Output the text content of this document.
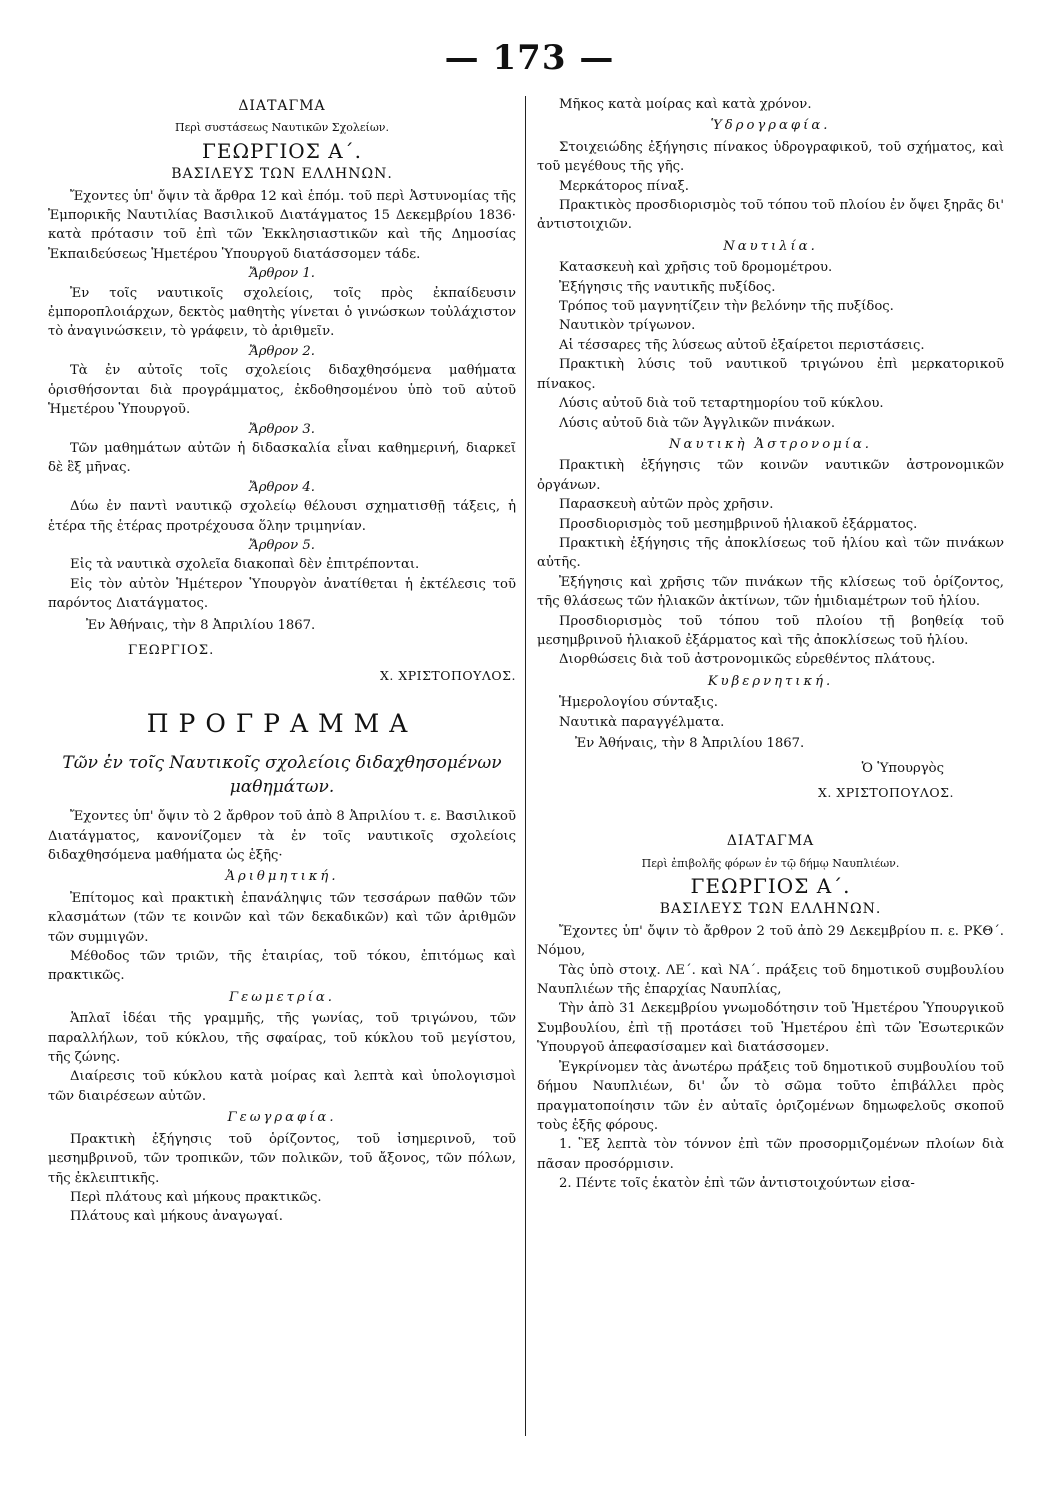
— 173 —
ΔΙΑΤΑΓΜΑ
Περὶ συστάσεως Ναυτικῶν Σχολείων.
ΓΕΩΡΓΙΟΣ Α΄.
ΒΑΣΙΛΕΥΣ ΤΩΝ ΕΛΛΗΝΩΝ.

Ἔχοντες ὑπ' ὄψιν τὰ ἄρθρα 12 καὶ ἑπόμ. τοῦ περὶ Ἀστυνομίας τῆς Ἐμπορικῆς Ναυτιλίας Βασιλικοῦ Διατάγματος 15 Δεκεμβρίου 1836· κατὰ πρότασιν τοῦ ἐπὶ τῶν Ἐκκλησιαστικῶν καὶ τῆς Δημοσίας Ἐκπαιδεύσεως Ἡμετέρου Ὑπουργοῦ διατάσσομεν τάδε.

Ἄρθρον 1.

Ἐν τοῖς ναυτικοῖς σχολείοις, τοῖς πρὸς ἐκπαίδευσιν ἐμποροπλοιάρχων, δεκτὸς μαθητὴς γίνεται ὁ γινώσκων τοὐλάχιστον τὸ ἀναγινώσκειν, τὸ γράφειν, τὸ ἀριθμεῖν.

Ἄρθρον 2.

Τὰ ἐν αὐτοῖς τοῖς σχολείοις διδαχθησόμενα μαθήματα ὁρισθήσονται διὰ προγράμματος, ἐκδοθησομένου ὑπὸ τοῦ αὐτοῦ Ἡμετέρου Ὑπουργοῦ.

Ἄρθρον 3.

Τῶν μαθημάτων αὐτῶν ἡ διδασκαλία εἶναι καθημερινή, διαρκεῖ δὲ ἓξ μῆνας.

Ἄρθρον 4.

Δύω ἐν παντὶ ναυτικῷ σχολείῳ θέλουσι σχηματισθῇ τάξεις, ἡ ἑτέρα τῆς ἑτέρας προτρέχουσα ὅλην τριμηνίαν.

Ἄρθρον 5.

Εἰς τὰ ναυτικὰ σχολεῖα διακοπαὶ δὲν ἐπιτρέπονται.

Εἰς τὸν αὐτὸν Ἡμέτερον Ὑπουργὸν ἀνατίθεται ἡ ἐκτέλεσις τοῦ παρόντος Διατάγματος.

Ἐν Ἀθήναις, τὴν 8 Ἀπριλίου 1867.

ΓΕΩΡΓΙΟΣ.

Χ. ΧΡΙΣΤΟΠΟΥΛΟΣ.

ΠΡΟΓΡΑΜΜΑ
Τῶν ἐν τοῖς Ναυτικοῖς σχολείοις διδαχθησομένων μαθημάτων.

Ἔχοντες ὑπ' ὄψιν τὸ 2 ἄρθρον τοῦ ἀπὸ 8 Ἀπριλίου τ. ε. Βασιλικοῦ Διατάγματος, κανονίζομεν τὰ ἐν τοῖς ναυτικοῖς σχολείοις διδαχθησόμενα μαθήματα ὡς ἑξῆς·

Ἀριθμητική.

Ἐπίτομος καὶ πρακτικὴ ἐπανάληψις τῶν τεσσάρων παθῶν τῶν κλασμάτων (τῶν τε κοινῶν καὶ τῶν δεκαδικῶν) καὶ τῶν ἀριθμῶν τῶν συμμιγῶν.

Μέθοδος τῶν τριῶν, τῆς ἑταιρίας, τοῦ τόκου, ἐπιτόμως καὶ πρακτικῶς.

Γεωμετρία.

Ἁπλαῖ ἰδέαι τῆς γραμμῆς, τῆς γωνίας, τοῦ τριγώνου, τῶν παραλλήλων, τοῦ κύκλου, τῆς σφαίρας, τοῦ κύκλου τοῦ μεγίστου, τῆς ζώνης.

Διαίρεσις τοῦ κύκλου κατὰ μοίρας καὶ λεπτὰ καὶ ὑπολογισμοὶ τῶν διαιρέσεων αὐτῶν.

Γεωγραφία.

Πρακτικὴ ἐξήγησις τοῦ ὁρίζοντος, τοῦ ἰσημερινοῦ, τοῦ μεσημβρινοῦ, τῶν τροπικῶν, τῶν πολικῶν, τοῦ ἄξονος, τῶν πόλων, τῆς ἐκλειπτικῆς.

Περὶ πλάτους καὶ μήκους πρακτικῶς.

Πλάτους καὶ μήκους ἀναγωγαί.

Μῆκος κατὰ μοίρας καὶ κατὰ χρόνον.

Ὑδρογραφία.

Στοιχειώδης ἐξήγησις πίνακος ὑδρογραφικοῦ, τοῦ σχήματος, καὶ τοῦ μεγέθους τῆς γῆς.

Μερκάτορος πίναξ.

Πρακτικὸς προσδιορισμὸς τοῦ τόπου τοῦ πλοίου ἐν ὄψει ξηρᾶς δι' ἀντιστοιχιῶν.

Ναυτιλία.

Κατασκευὴ καὶ χρῆσις τοῦ δρομομέτρου.

Ἐξήγησις τῆς ναυτικῆς πυξίδος.

Τρόπος τοῦ μαγνητίζειν τὴν βελόνην τῆς πυξίδος.

Ναυτικὸν τρίγωνον.

Αἱ τέσσαρες τῆς λύσεως αὐτοῦ ἐξαίρετοι περιστάσεις.

Πρακτικὴ λύσις τοῦ ναυτικοῦ τριγώνου ἐπὶ μερκατορικοῦ πίνακος.

Λύσις αὐτοῦ διὰ τοῦ τεταρτημορίου τοῦ κύκλου.

Λύσις αὐτοῦ διὰ τῶν Ἀγγλικῶν πινάκων.

Ναυτικὴ Ἀστρονομία.

Πρακτικὴ ἐξήγησις τῶν κοινῶν ναυτικῶν ἀστρονομικῶν ὀργάνων.

Παρασκευὴ αὐτῶν πρὸς χρῆσιν.

Προσδιορισμὸς τοῦ μεσημβρινοῦ ἡλιακοῦ ἐξάρματος.

Πρακτικὴ ἐξήγησις τῆς ἀποκλίσεως τοῦ ἡλίου καὶ τῶν πινάκων αὐτῆς.

Ἐξήγησις καὶ χρῆσις τῶν πινάκων τῆς κλίσεως τοῦ ὁρίζοντος, τῆς θλάσεως τῶν ἡλιακῶν ἀκτίνων, τῶν ἡμιδιαμέτρων τοῦ ἡλίου.

Προσδιορισμὸς τοῦ τόπου τοῦ πλοίου τῇ βοηθείᾳ τοῦ μεσημβρινοῦ ἡλιακοῦ ἐξάρματος καὶ τῆς ἀποκλίσεως τοῦ ἡλίου.

Διορθώσεις διὰ τοῦ ἀστρονομικῶς εὑρεθέντος πλάτους.

Κυβερνητική.

Ἡμερολογίου σύνταξις.

Ναυτικὰ παραγγέλματα.

Ἐν Ἀθήναις, τὴν 8 Ἀπριλίου 1867.

Ὁ Ὑπουργὸς

Χ. ΧΡΙΣΤΟΠΟΥΛΟΣ.

ΔΙΑΤΑΓΜΑ
Περὶ ἐπιβολῆς φόρων ἐν τῷ δήμῳ Ναυπλιέων.
ΓΕΩΡΓΙΟΣ Α΄.
ΒΑΣΙΛΕΥΣ ΤΩΝ ΕΛΛΗΝΩΝ.

Ἔχοντες ὑπ' ὄψιν τὸ ἄρθρον 2 τοῦ ἀπὸ 29 Δεκεμβρίου π. ε. ΡΚΘ΄. Νόμου,

Τὰς ὑπὸ στοιχ. ΛΕ΄. καὶ ΝΑ΄. πράξεις τοῦ δημοτικοῦ συμβουλίου Ναυπλιέων τῆς ἐπαρχίας Ναυπλίας,

Τὴν ἀπὸ 31 Δεκεμβρίου γνωμοδότησιν τοῦ Ἡμετέρου Ὑπουργικοῦ Συμβουλίου, ἐπὶ τῇ προτάσει τοῦ Ἡμετέρου ἐπὶ τῶν Ἐσωτερικῶν Ὑπουργοῦ ἀπεφασίσαμεν καὶ διατάσσομεν.

Ἐγκρίνομεν τὰς ἀνωτέρω πράξεις τοῦ δημοτικοῦ συμβουλίου τοῦ δήμου Ναυπλιέων, δι' ὧν τὸ σῶμα τοῦτο ἐπιβάλλει πρὸς πραγματοποίησιν τῶν ἐν αὐταῖς ὁριζομένων δημωφελοῦς σκοποῦ τοὺς ἑξῆς φόρους.

1. Ἓξ λεπτὰ τὸν τόννον ἐπὶ τῶν προσορμιζομένων πλοίων διὰ πᾶσαν προσόρμισιν.

2. Πέντε τοῖς ἑκατὸν ἐπὶ τῶν ἀντιστοιχούντων εἰσα-
